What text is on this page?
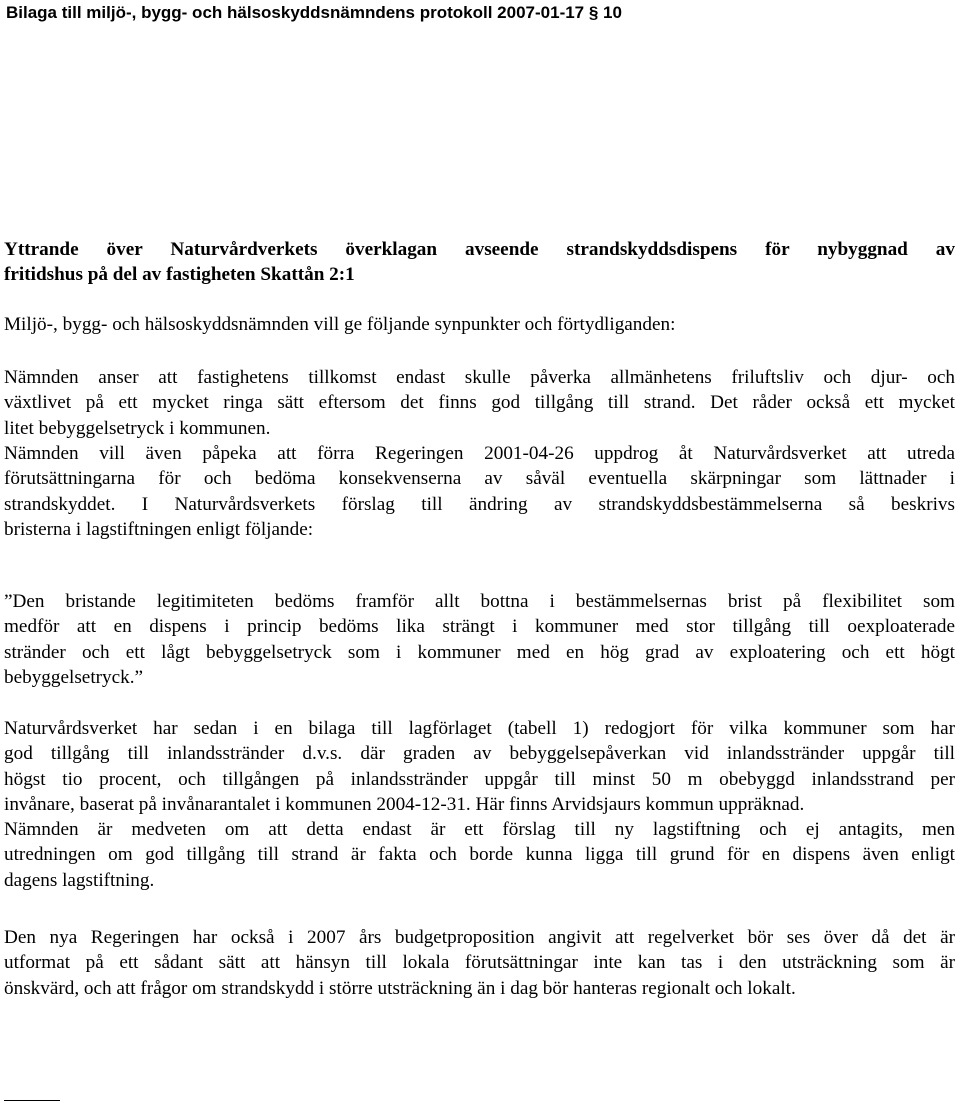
Bilaga till miljö-, bygg- och hälsoskyddsnämndens protokoll 2007-01-17 § 10
Yttrande över Naturvårdverkets överklagan avseende strandskyddsdispens för nybyggnad av
fritidshus på del av fastigheten Skattån 2:1
Miljö-, bygg- och hälsoskyddsnämnden vill ge följande synpunkter och förtydliganden:
Nämnden anser att fastighetens tillkomst endast skulle påverka allmänhetens friluftsliv och djur- och
växtlivet på ett mycket ringa sätt eftersom det finns god tillgång till strand. Det råder också ett mycket
litet bebyggelsetryck i kommunen.
Nämnden vill även påpeka att förra Regeringen 2001-04-26 uppdrog åt Naturvårdsverket att utreda
förutsättningarna för och bedöma konsekvenserna av såväl eventuella skärpningar som lättnader i
strandskyddet. I Naturvårdsverkets förslag till ändring av strandskyddsbestämmelserna så beskrivs
bristerna i lagstiftningen enligt följande:
”Den bristande legitimiteten bedöms framför allt bottna i bestämmelsernas brist på flexibilitet som
medför att en dispens i princip bedöms lika strängt i kommuner med stor tillgång till oexploaterade
stränder och ett lågt bebyggelsetryck som i kommuner med en hög grad av exploatering och ett högt
bebyggelsetryck.”
Naturvårdsverket har sedan i en bilaga till lagförlaget (tabell 1) redogjort för vilka kommuner som har
god tillgång till inlandsstränder d.v.s. där graden av bebyggelsepåverkan vid inlandsstränder uppgår till
högst tio procent, och tillgången på inlandsstränder uppgår till minst 50 m obebyggd inlandsstrand per
invånare, baserat på invånarantalet i kommunen 2004-12-31. Här finns Arvidsjaurs kommun uppräknad.
Nämnden är medveten om att detta endast är ett förslag till ny lagstiftning och ej antagits, men
utredningen om god tillgång till strand är fakta och borde kunna ligga till grund för en dispens även enligt
dagens lagstiftning.
Den nya Regeringen har också i 2007 års budgetproposition angivit att regelverket bör ses över då det är
utformat på ett sådant sätt att hänsyn till lokala förutsättningar inte kan tas i den utsträckning som är
önskvärd, och att frågor om strandskydd i större utsträckning än i dag bör hanteras regionalt och lokalt.
